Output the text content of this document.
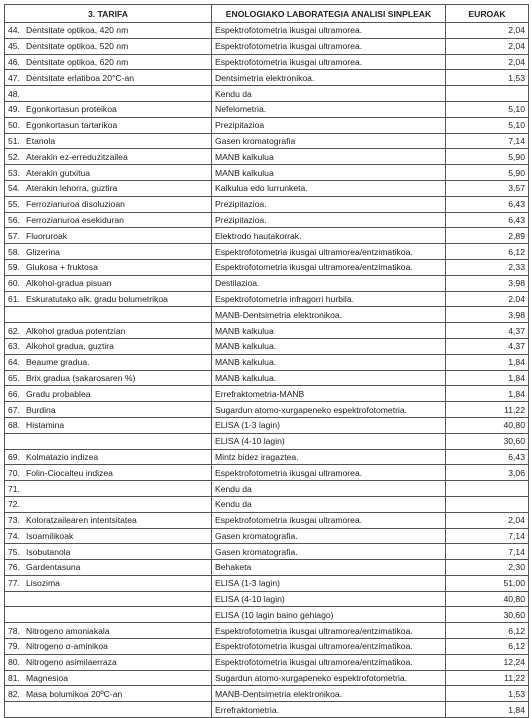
3. TARIFA	ENOLOGIAKO LABORATEGIA ANALISI SINPLEAK	EUROAK
44. Dentsitate optikoa, 420 nm	Espektrofotometria ikusgai ultramorea.	2,04
45. Dentsitate optikoa, 520 nm	Espektrofotometria ikusgai ultramorea.	2,04
46. Dentsitate optikoa, 620 nm	Espektrofotometria ikusgai ultramorea.	2,04
47. Dentsitate erlatiboa 20°C-an	Dentsimetria elektronikoa.	1,53
48.	Kendu da	
49. Egonkortasun proteikoa	Nefelometria.	5,10
50. Egonkortasun tartarikoa	Prezipitazioa	5,10
51. Etanola	Gasen kromatografia	7,14
52. Aterakin ez-erreduzitzailea	MANB kalkulua	5,90
53. Aterakin gutxitua	MANB kalkulua	5,90
54. Aterakin lehorra, guztira	Kalkulua edo lurrunketa.	3,57
55. Ferrozianuroa disoluzioan	Prezipitazioa.	6,43
56. Ferrozianuroa esekiduran	Prezipitazioa.	6,43
57. Fluoruroak	Elektrodo hautakorrak.	2,89
58. Glizerina	Espektrofotometria ikusgai ultramorea/entzimatikoa.	6,12
59. Glukosa + fruktosa	Espektrofotometria ikusgai ultramorea/entzimatikoa.	2,33
60. Alkohol-gradua pisuan	Destilazioa.	3,98
61. Eskuratutako alk. gradu bolumetrikoa	Espektrofotometria infragorri hurbila.	2,04
	MANB-Dentsimetria elektronikoa.	3,98
62. Alkohol gradua potentzian	MANB kalkulua	4,37
63. Alkohol gradua, guztira	MANB kalkulua.	4,37
64. Beaume gradua.	MANB kalkulua.	1,84
65. Brix gradua (sakarosaren %)	MANB kalkulua.	1,84
66. Gradu probablea	Errefraktometria-MANB	1,84
67. Burdina	Sugardun atomo-xurgapeneko espektrofotometria.	11,22
68. Histamina	ELISA (1-3 lagin)	40,80
	ELISA (4-10 lagin)	30,60
69. Kolmatazio indizea	Mintz bidez iragaztea.	6,43
70. Folin-Ciocalteu indizea	Espektrofotometria ikusgai ultramorea.	3,06
71.	Kendu da	
72.	Kendu da	
73. Koloratzailearen intentsitatea	Espektrofotometria ikusgai ultramorea.	2,04
74. Isoamilikoak	Gasen kromatografia.	7,14
75. Isobutanola	Gasen kromatografia.	7,14
76. Gardentasuna	Behaketa	2,30
77. Lisozima	ELISA (1-3 lagin)	51,00
	ELISA (4-10 lagin)	40,80
	ELISA (10 lagin baino gehiago)	30,60
78. Nitrogeno amoniakala	Espektrofotometria ikusgai ultramorea/entzimatikoa.	6,12
79. Nitrogeno α-aminikoa	Espektrofotometria ikusgai ultramorea/entzimatikoa.	6,12
80. Nitrogeno asimilaerraza	Espektrofotometria ikusgai ultramorea/entzimatikoa.	12,24
81. Magnesioa	Sugardun atomo-xurgapeneko espektrofotometria.	11,22
82. Masa bolumikoa 20ºC-an	MANB-Dentsimetria elektronikoa.	1,53
	Errefraktometria.	1,84
